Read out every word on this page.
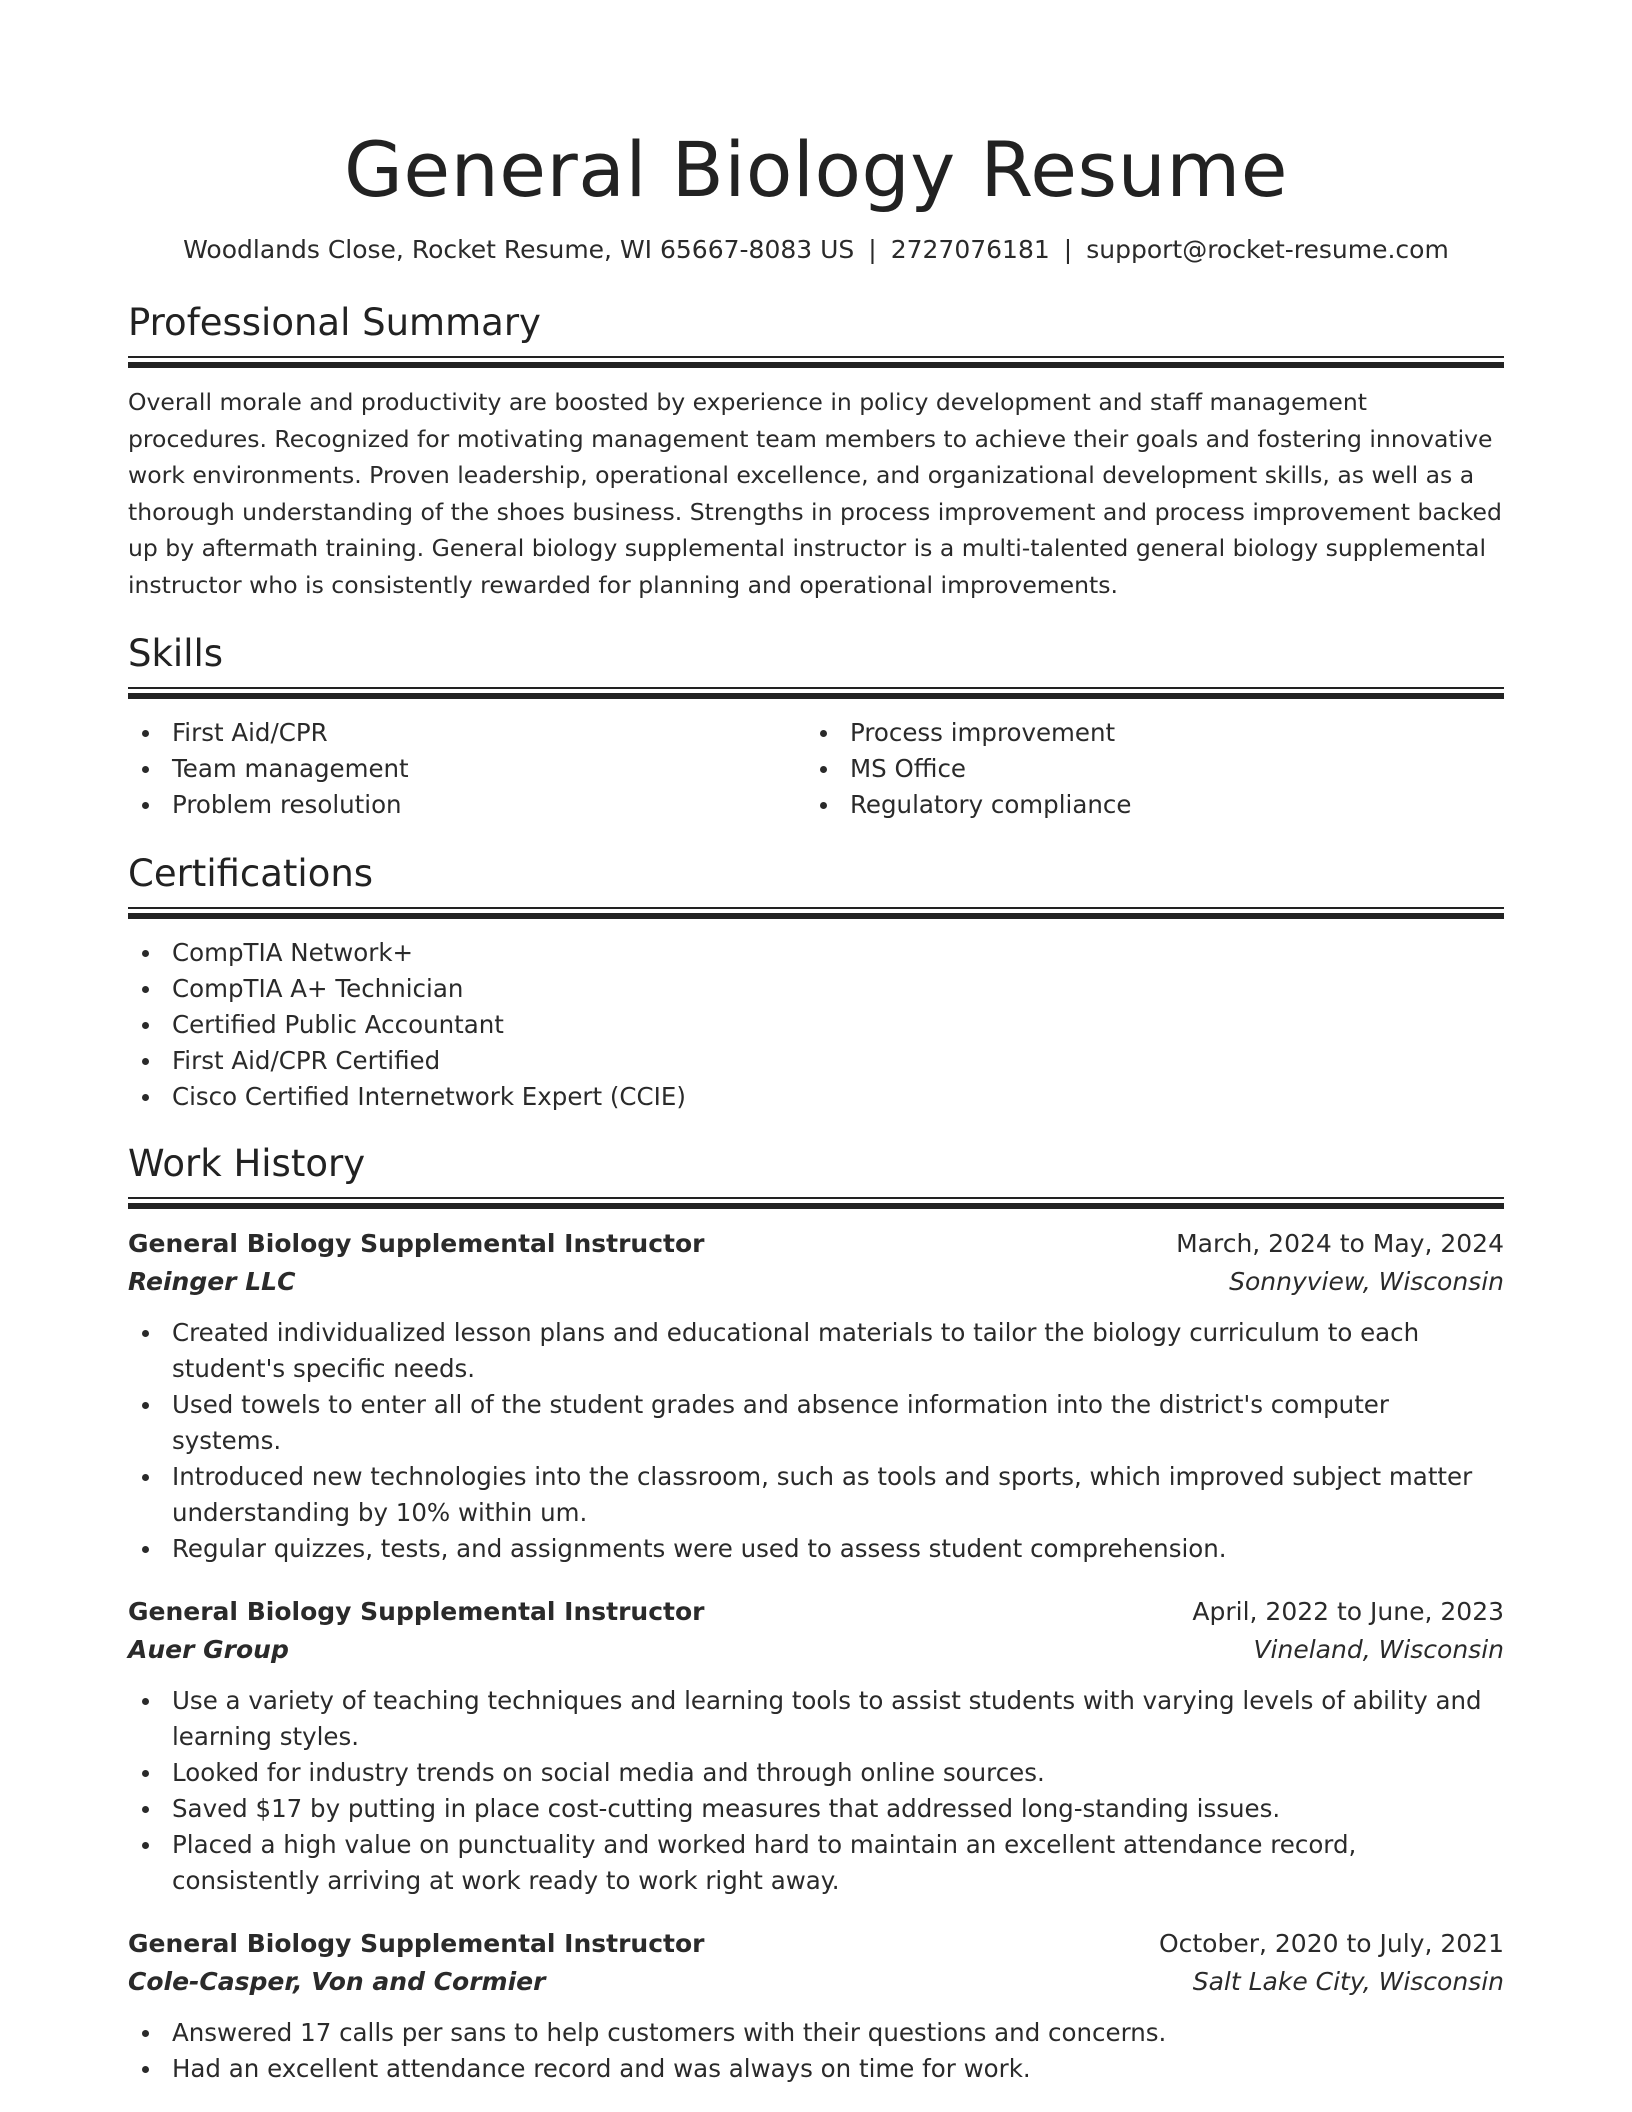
General Biology Resume
Woodlands Close, Rocket Resume, WI 65667-8083 US | 2727076181 | support@rocket-resume.com
Professional Summary
Overall morale and productivity are boosted by experience in policy development and staff management procedures. Recognized for motivating management team members to achieve their goals and fostering innovative work environments. Proven leadership, operational excellence, and organizational development skills, as well as a thorough understanding of the shoes business. Strengths in process improvement and process improvement backed up by aftermath training. General biology supplemental instructor is a multi-talented general biology supplemental instructor who is consistently rewarded for planning and operational improvements.
Skills
First Aid/CPR
Team management
Problem resolution
Process improvement
MS Office
Regulatory compliance
Certifications
CompTIA Network+
CompTIA A+ Technician
Certified Public Accountant
First Aid/CPR Certified
Cisco Certified Internetwork Expert (CCIE)
Work History
General Biology Supplemental Instructor	March, 2024 to May, 2024
Reinger LLC	Sonnyview, Wisconsin
Created individualized lesson plans and educational materials to tailor the biology curriculum to each student's specific needs.
Used towels to enter all of the student grades and absence information into the district's computer systems.
Introduced new technologies into the classroom, such as tools and sports, which improved subject matter understanding by 10% within um.
Regular quizzes, tests, and assignments were used to assess student comprehension.
General Biology Supplemental Instructor	April, 2022 to June, 2023
Auer Group	Vineland, Wisconsin
Use a variety of teaching techniques and learning tools to assist students with varying levels of ability and learning styles.
Looked for industry trends on social media and through online sources.
Saved $17 by putting in place cost-cutting measures that addressed long-standing issues.
Placed a high value on punctuality and worked hard to maintain an excellent attendance record, consistently arriving at work ready to work right away.
General Biology Supplemental Instructor	October, 2020 to July, 2021
Cole-Casper, Von and Cormier	Salt Lake City, Wisconsin
Answered 17 calls per sans to help customers with their questions and concerns.
Had an excellent attendance record and was always on time for work.
